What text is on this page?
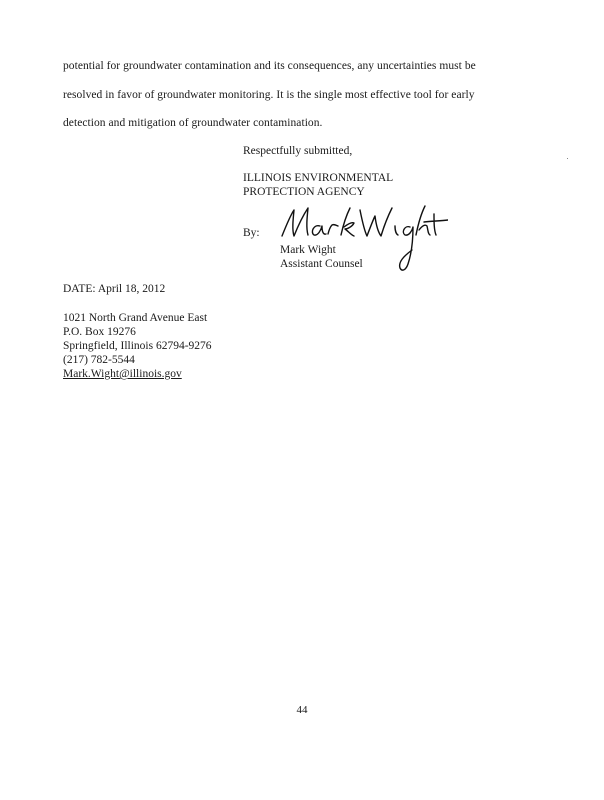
potential for groundwater contamination and its consequences, any uncertainties must be
resolved in favor of groundwater monitoring. It is the single most effective tool for early
detection and mitigation of groundwater contamination.
Respectfully submitted,
ILLINOIS ENVIRONMENTAL
PROTECTION AGENCY
By:
Mark Wight
Assistant Counsel
DATE: April 18, 2012
1021 North Grand Avenue East
P.O. Box 19276
Springfield, Illinois 62794-9276
(217) 782-5544
Mark.Wight@illinois.gov
44
